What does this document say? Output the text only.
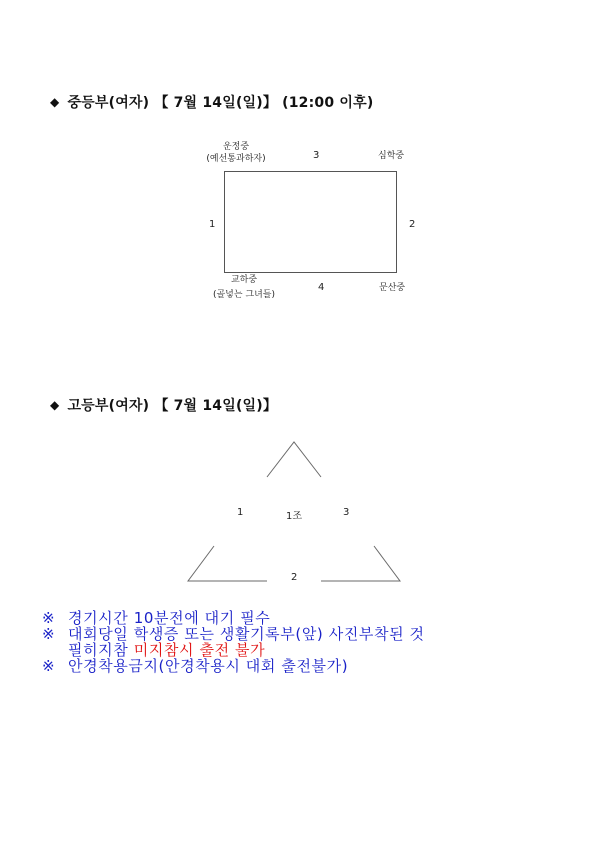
◆ 중등부(여자) 【 7월 14일(일)】 (12:00 이후)
운정중
(예선통과하자)	3	심학중
1	2
교하중
(골넣는 그녀들)
4	문산중
◆ 고등부(여자) 【 7월 14일(일)】
1	1조	3
2
※ 경기시간 10분전에 대기 필수
※ 대회당일 학생증 또는 생활기록부(앞) 사진부착된 것
필히지참 미지참시 출전 불가
※ 안경착용금지(안경착용시 대회 출전불가)
